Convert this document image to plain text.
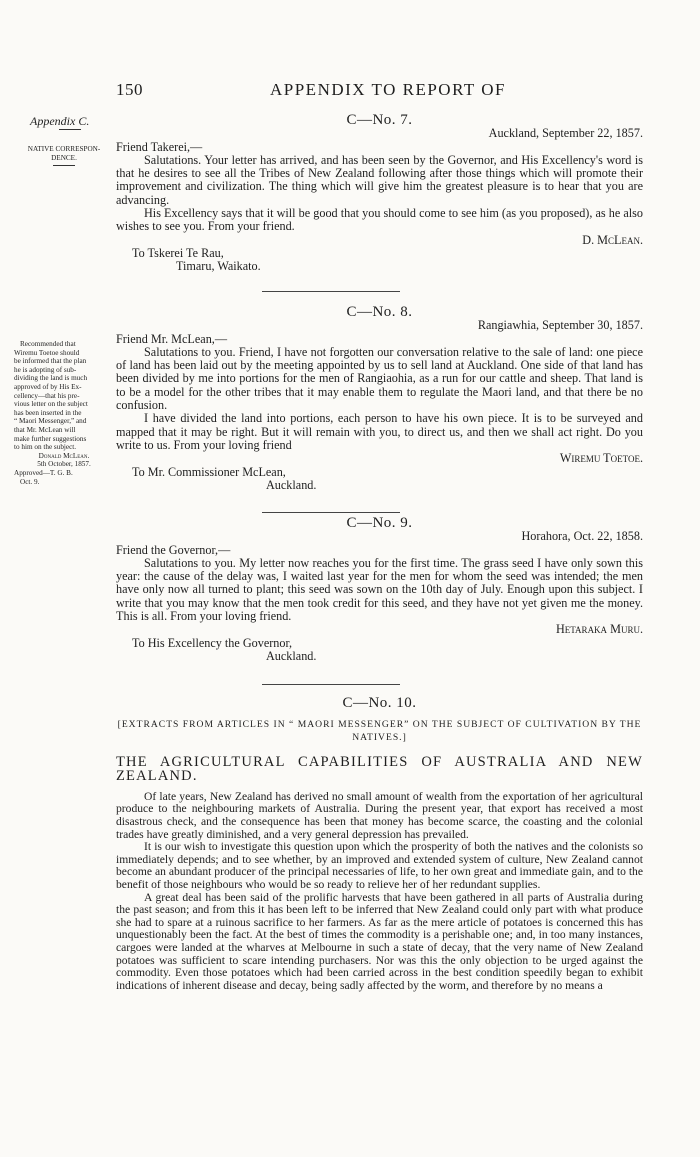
150	APPENDIX TO REPORT OF
Appendix C.
NATIVE CORRESPON-
DENCE.
Recommended that
Wiremu Toetoe should
be informed that the plan
he is adopting of sub-
dividing the land is much
approved of by His Ex-
cellency—that his pre-
vious letter on the subject
has been inserted in the
“ Maori Messenger,” and
that Mr. McLean will
make further suggestions
to him on the subject.
Donald McLean.
5th October, 1857.
Approved—T. G. B.
Oct. 9.
C—No. 7.
Auckland, September 22, 1857.
Friend Takerei,—

Salutations. Your letter has arrived, and has been seen by the Governor, and His Excellency's word is that he desires to see all the Tribes of New Zealand following after those things which will promote their improvement and civilization. The thing which will give him the greatest pleasure is to hear that you are advancing.

His Excellency says that it will be good that you should come to see him (as you proposed), as he also wishes to see you. From your friend.

D. McLean.
To Tskerei Te Rau,
Timaru, Waikato.
C—No. 8.
Rangiawhia, September 30, 1857.
Friend Mr. McLean,—

Salutations to you. Friend, I have not forgotten our conversation relative to the sale of land: one piece of land has been laid out by the meeting appointed by us to sell land at Auckland. One side of that land has been divided by me into portions for the men of Rangiaohia, as a run for our cattle and sheep. That land is to be a model for the other tribes that it may enable them to regulate the Maori land, and that there be no confusion.

I have divided the land into portions, each person to have his own piece. It is to be surveyed and mapped that it may be right. But it will remain with you, to direct us, and then we shall act right. Do you write to us. From your loving friend

Wiremu Toetoe.
To Mr. Commissioner McLean,
Auckland.
C—No. 9.
Horahora, Oct. 22, 1858.
Friend the Governor,—

Salutations to you. My letter now reaches you for the first time. The grass seed I have only sown this year: the cause of the delay was, I waited last year for the men for whom the seed was intended; the men have only now all turned to plant; this seed was sown on the 10th day of July. Enough upon this subject. I write that you may know that the men took credit for this seed, and they have not yet given me the money. This is all. From your loving friend.

Hetaraka Muru.
To His Excellency the Governor,
Auckland.
C—No. 10.
[EXTRACTS FROM ARTICLES IN “ MAORI MESSENGER” ON THE SUBJECT OF CULTIVATION BY THE
NATIVES.]
THE AGRICULTURAL CAPABILITIES OF AUSTRALIA AND NEW ZEALAND.

Of late years, New Zealand has derived no small amount of wealth from the exportation of her agricultural produce to the neighbouring markets of Australia. During the present year, that export has received a most disastrous check, and the consequence has been that money has become scarce, the coasting and the colonial trades have greatly diminished, and a very general depression has prevailed.

It is our wish to investigate this question upon which the prosperity of both the natives and the colonists so immediately depends; and to see whether, by an improved and extended system of culture, New Zealand cannot become an abundant producer of the principal necessaries of life, to her own great and immediate gain, and to the benefit of those neighbours who would be so ready to relieve her of her redundant supplies.

A great deal has been said of the prolific harvests that have been gathered in all parts of Australia during the past season; and from this it has been left to be inferred that New Zealand could only part with what produce she had to spare at a ruinous sacrifice to her farmers. As far as the mere article of potatoes is concerned this has unquestionably been the fact. At the best of times the commodity is a perishable one; and, in too many instances, cargoes were landed at the wharves at Melbourne in such a state of decay, that the very name of New Zealand potatoes was sufficient to scare intending purchasers. Nor was this the only objection to be urged against the commodity. Even those potatoes which had been carried across in the best condition speedily began to exhibit indications of inherent disease and decay, being sadly affected by the worm, and therefore by no means a
